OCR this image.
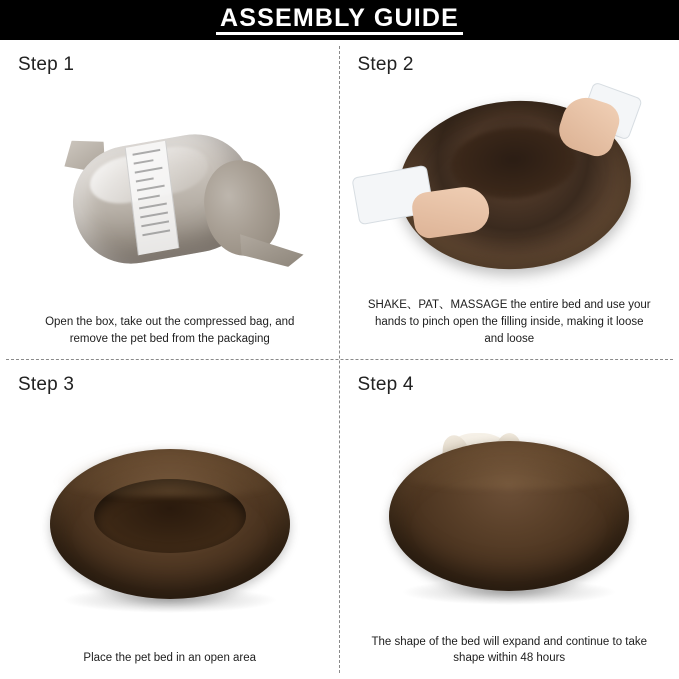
ASSEMBLY GUIDE
Step 1
Open the box, take out the compressed bag, and remove the pet bed from the packaging
Step 2
SHAKE、PAT、MASSAGE the entire bed and use your hands to pinch open the filling inside, making it loose and loose
Step 3
Place the pet bed in an open area
Step 4
The shape of the bed will expand and continue to take shape within 48 hours
